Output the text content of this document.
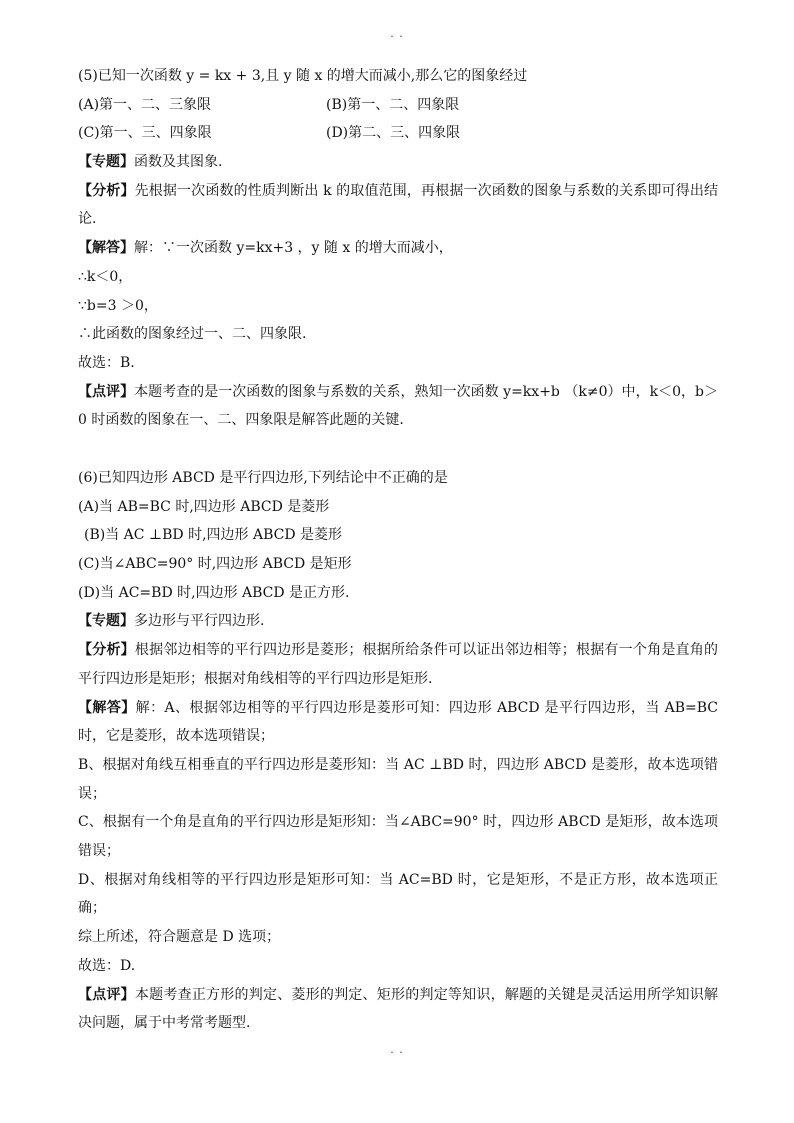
· ·
(5)已知一次函数 y = kx + 3,且 y 随 x 的增大而减小,那么它的图象经过
(A)第一、二、三象限	(B)第一、二、四象限
(C)第一、三、四象限	(D)第二、三、四象限
【专题】函数及其图象.
【分析】先根据一次函数的性质判断出 k 的取值范围，再根据一次函数的图象与系数的关系即可得出结论.
【解答】解：∵一次函数 y=kx+3 ，y 随 x 的增大而减小，
∴k＜0，
∵b=3 ＞0，
∴此函数的图象经过一、二、四象限.
故选：B.
【点评】本题考查的是一次函数的图象与系数的关系，熟知一次函数 y=kx+b （k≠0）中，k＜0，b＞0 时函数的图象在一、二、四象限是解答此题的关键.
(6)已知四边形 ABCD 是平行四边形,下列结论中不正确的是
(A)当 AB=BC 时,四边形 ABCD 是菱形
(B)当 AC ⊥BD 时,四边形 ABCD 是菱形
(C)当∠ABC=90° 时,四边形 ABCD 是矩形
(D)当 AC=BD 时,四边形 ABCD 是正方形.
【专题】多边形与平行四边形.
【分析】根据邻边相等的平行四边形是菱形；根据所给条件可以证出邻边相等；根据有一个角是直角的平行四边形是矩形；根据对角线相等的平行四边形是矩形.
【解答】解：A、根据邻边相等的平行四边形是菱形可知：四边形 ABCD 是平行四边形，当 AB=BC 时，它是菱形，故本选项错误；
B、根据对角线互相垂直的平行四边形是菱形知：当 AC ⊥BD 时，四边形 ABCD 是菱形，故本选项错误；
C、根据有一个角是直角的平行四边形是矩形知：当∠ABC=90° 时，四边形 ABCD 是矩形，故本选项错误；
D、根据对角线相等的平行四边形是矩形可知：当 AC=BD 时，它是矩形，不是正方形，故本选项正确；
综上所述，符合题意是 D 选项；
故选：D.
【点评】本题考查正方形的判定、菱形的判定、矩形的判定等知识，解题的关键是灵活运用所学知识解决问题，属于中考常考题型.
· ·
